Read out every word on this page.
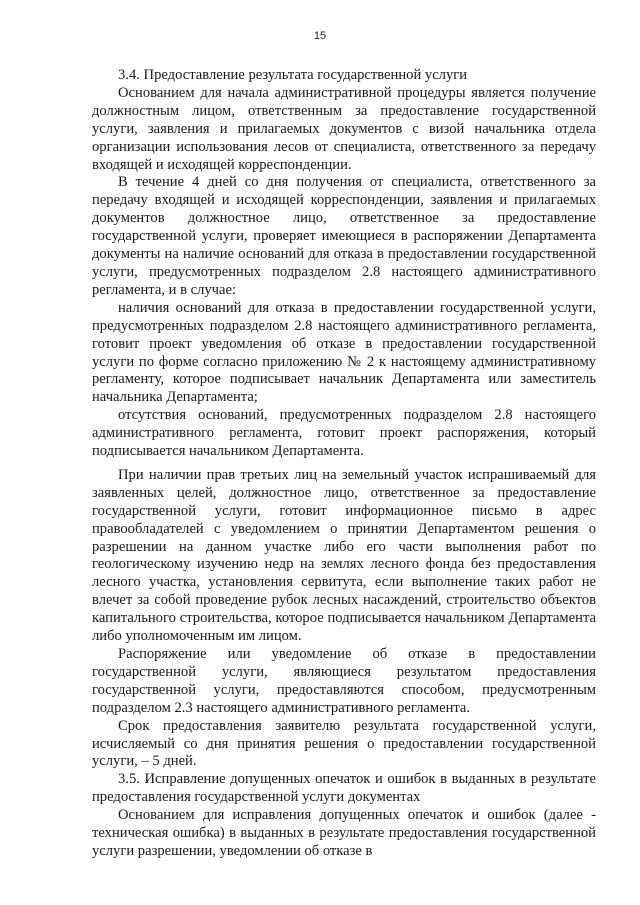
15

3.4. Предоставление результата государственной услуги

Основанием для начала административной процедуры является получение должностным лицом, ответственным за предоставление государственной услуги, заявления и прилагаемых документов с визой начальника отдела организации использования лесов от специалиста, ответственного за передачу входящей и исходящей корреспонденции.

В течение 4 дней со дня получения от специалиста, ответственного за передачу входящей и исходящей корреспонденции, заявления и прилагаемых документов должностное лицо, ответственное за предоставление государственной услуги, проверяет имеющиеся в распоряжении Департамента документы на наличие оснований для отказа в предоставлении государственной услуги, предусмотренных подразделом 2.8 настоящего административного регламента, и в случае:

наличия оснований для отказа в предоставлении государственной услуги, предусмотренных подразделом 2.8 настоящего административного регламента, готовит проект уведомления об отказе в предоставлении государственной услуги по форме согласно приложению № 2 к настоящему административному регламенту, которое подписывает начальник Департамента или заместитель начальника Департамента;

отсутствия оснований, предусмотренных подразделом 2.8 настоящего административного регламента, готовит проект распоряжения, который подписывается начальником Департамента.

При наличии прав третьих лиц на земельный участок испрашиваемый для заявленных целей, должностное лицо, ответственное за предоставление государственной услуги, готовит информационное письмо в адрес правообладателей с уведомлением о принятии Департаментом решения о разрешении на данном участке либо его части выполнения работ по геологическому изучению недр на землях лесного фонда без предоставления лесного участка, установления сервитута, если выполнение таких работ не влечет за собой проведение рубок лесных насаждений, строительство объектов капитального строительства, которое подписывается начальником Департамента либо уполномоченным им лицом.

Распоряжение или уведомление об отказе в предоставлении государственной услуги, являющиеся результатом предоставления государственной услуги, предоставляются способом, предусмотренным подразделом 2.3 настоящего административного регламента.

Срок предоставления заявителю результата государственной услуги, исчисляемый со дня принятия решения о предоставлении государственной услуги, – 5 дней.

3.5. Исправление допущенных опечаток и ошибок в выданных в результате предоставления государственной услуги документах

Основанием для исправления допущенных опечаток и ошибок (далее - техническая ошибка) в выданных в результате предоставления государственной услуги разрешении, уведомлении об отказе в
